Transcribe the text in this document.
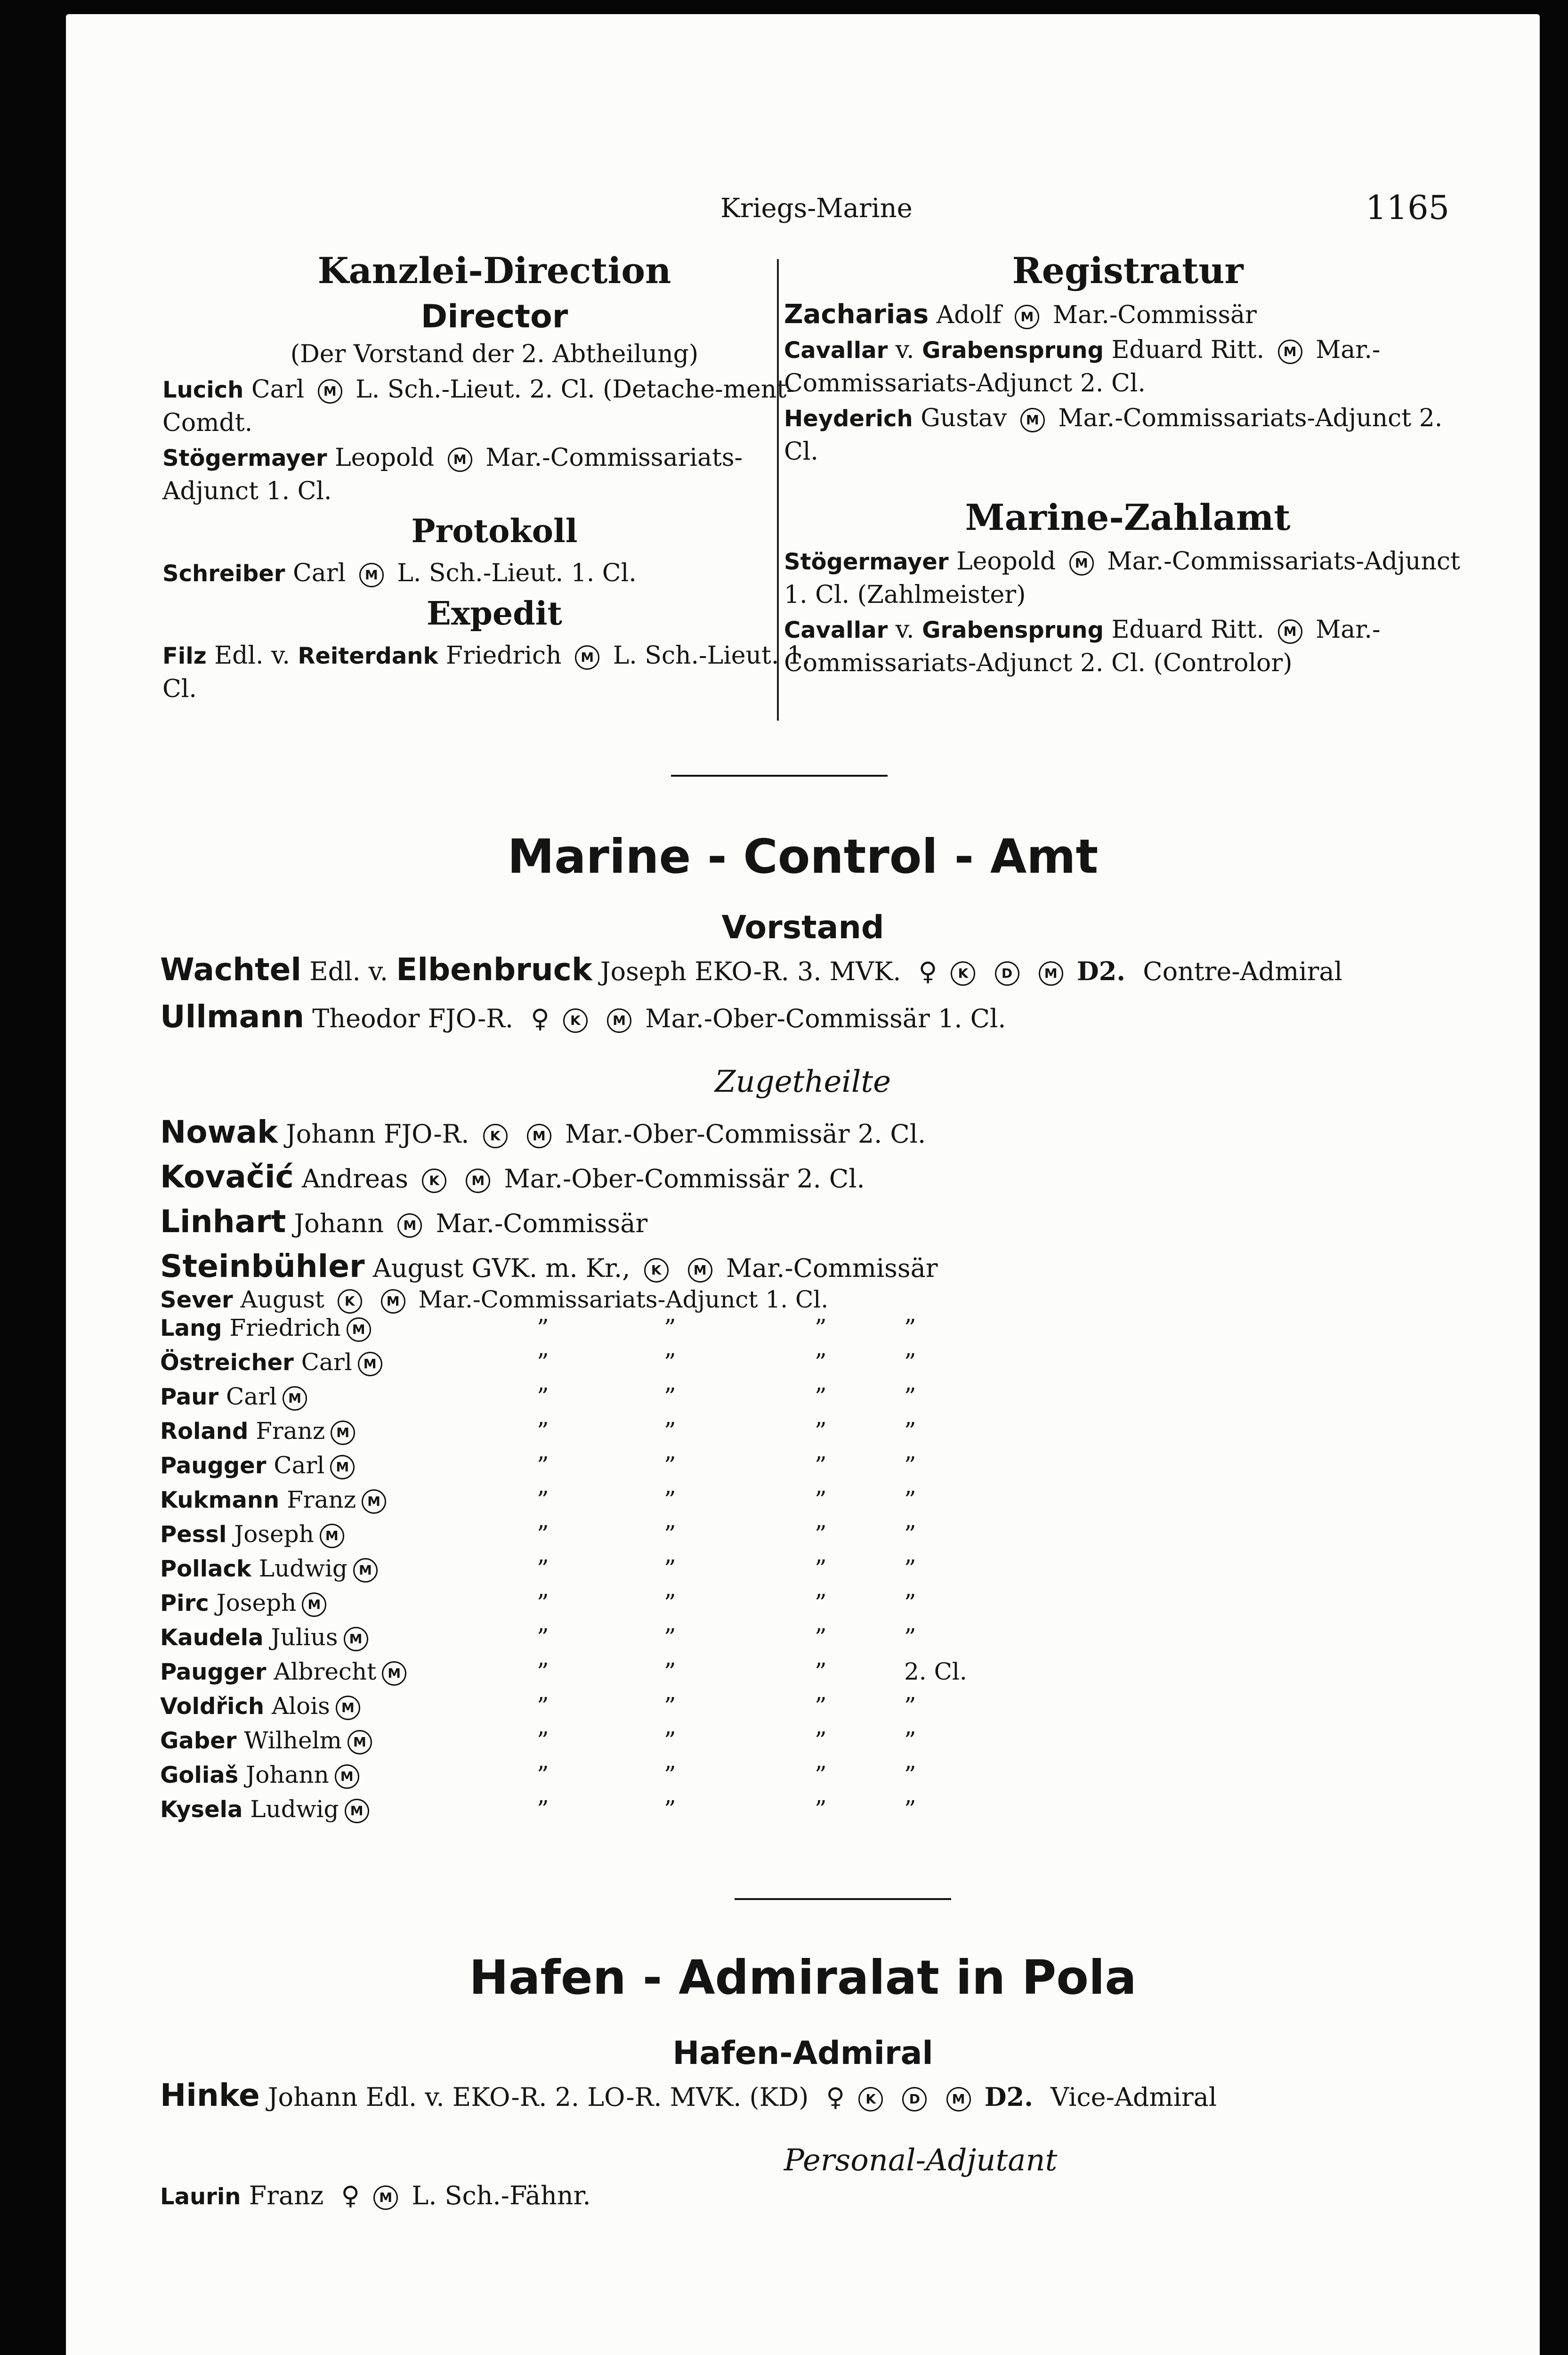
Kriegs-Marine	1165
Kanzlei-Direction
Director
(Der Vorstand der 2. Abtheilung)
Lucich Carl M L. Sch.-Lieut. 2. Cl. (Detache-ment-Comdt.
Stögermayer Leopold M Mar.-Commissariats-Adjunct 1. Cl.
Protokoll
Schreiber Carl M L. Sch.-Lieut. 1. Cl.
Expedit
Filz Edl. v. Reiterdank Friedrich M L. Sch.-Lieut. 1. Cl.
Registratur
Zacharias Adolf M Mar.-Commissär
Cavallar v. Grabensprung Eduard Ritt. M Mar.-Commissariats-Adjunct 2. Cl.
Heyderich Gustav M Mar.-Commissariats-Adjunct 2. Cl.
Marine-Zahlamt
Stögermayer Leopold M Mar.-Commissariats-Adjunct 1. Cl. (Zahlmeister)
Cavallar v. Grabensprung Eduard Ritt. M Mar.-Commissariats-Adjunct 2. Cl. (Controlor)
Marine - Control - Amt
Vorstand
Wachtel Edl. v. Elbenbruck Joseph EKO-R. 3. MVK. ♀ K	D M D2. Contre-Admiral
Ullmann Theodor FJO-R. ♀ K M Mar.-Ober-Commissär 1. Cl.
Zugetheilte
Nowak Johann FJO-R. K M Mar.-Ober-Commissär 2. Cl.
Kovačić Andreas K M Mar.-Ober-Commissär 2. Cl.
Linhart Johann M Mar.-Commissär
Steinbühler August GVK. m. Kr., K M Mar.-Commissär
Sever August K M Mar.-Commissariats-Adjunct 1. Cl.
Lang Friedrich M	”	”	”	”
Östreicher Carl M	”	”	”	”
Paur Carl M	”	”	”	”
Roland Franz M	”	”	”	”
Paugger Carl M	”	”	”	”
Kukmann Franz M	”	”	”	”
Pessl Joseph M	”	”	”	”
Pollack Ludwig M	”	”	”	”
Pirc Joseph M	”	”	”	”
Kaudela Julius M	”	”	”	”
Paugger Albrecht M	”	”	”	2. Cl.
Voldřich Alois M	”	”	”	”
Gaber Wilhelm M	”	”	”	”
Goliaš Johann M	”	”	”	”
Kysela Ludwig M	”	”	”	”
Hafen - Admiralat in Pola
Hafen-Admiral
Hinke Johann Edl. v. EKO-R. 2. LO-R. MVK. (KD) ♀ K	D M D2. Vice-Admiral
Personal-Adjutant
Laurin Franz ♀ M L. Sch.-Fähnr.
